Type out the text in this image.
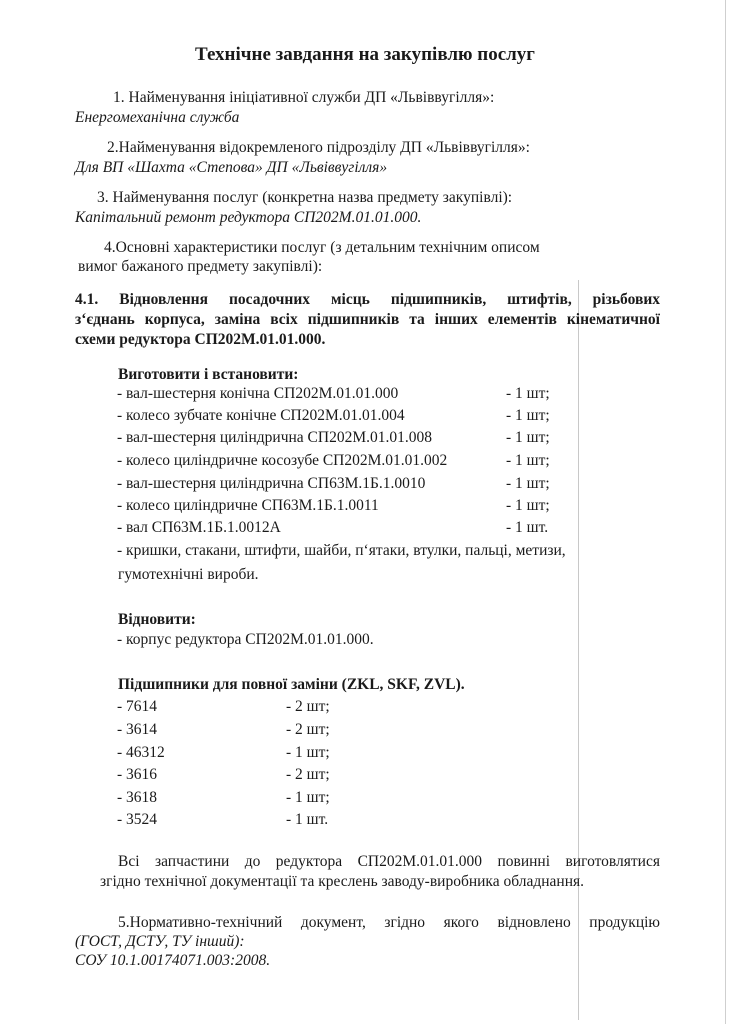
Технічне завдання на закупівлю послуг
1. Найменування ініціативної служби ДП «Львіввугілля»:
Енергомеханічна служба
2.Найменування відокремленого підрозділу ДП «Львіввугілля»:
Для ВП «Шахта «Степова» ДП «Львіввугілля»
3. Найменування послуг (конкретна назва предмету закупівлі):
Капітальний ремонт редуктора СП202М.01.01.000.
4.Основні характеристики послуг (з детальним технічним описом
вимог бажаного предмету закупівлі):
4.1. Відновлення посадочних місць підшипників, штифтів, різьбових
з‘єднань корпуса, заміна всіх підшипників та інших елементів кінематичної
схеми редуктора СП202М.01.01.000.
Виготовити і встановити:
- вал-шестерня конічна СП202М.01.01.000	- 1 шт;
- колесо зубчате конічне СП202М.01.01.004	- 1 шт;
- вал-шестерня циліндрична СП202М.01.01.008	- 1 шт;
- колесо циліндричне косозубе СП202М.01.01.002	- 1 шт;
- вал-шестерня циліндрична СП63М.1Б.1.0010	- 1 шт;
- колесо циліндричне СП63М.1Б.1.0011	- 1 шт;
- вал СП63М.1Б.1.0012А	- 1 шт.
- кришки, стакани, штифти, шайби, п‘ятаки, втулки, пальці, метизи,
гумотехнічні вироби.
Відновити:
- корпус редуктора СП202М.01.01.000.
Підшипники для повної заміни (ZKL, SKF, ZVL).
- 7614	- 2 шт;
- 3614	- 2 шт;
- 46312	- 1 шт;
- 3616	- 2 шт;
- 3618	- 1 шт;
- 3524	- 1 шт.
Всі запчастини до редуктора СП202М.01.01.000 повинні виготовлятися
згідно технічної документації та креслень заводу-виробника обладнання.
5.Нормативно-технічний документ, згідно якого відновлено продукцію
(ГОСТ, ДСТУ, ТУ інший):
СОУ 10.1.00174071.003:2008.
